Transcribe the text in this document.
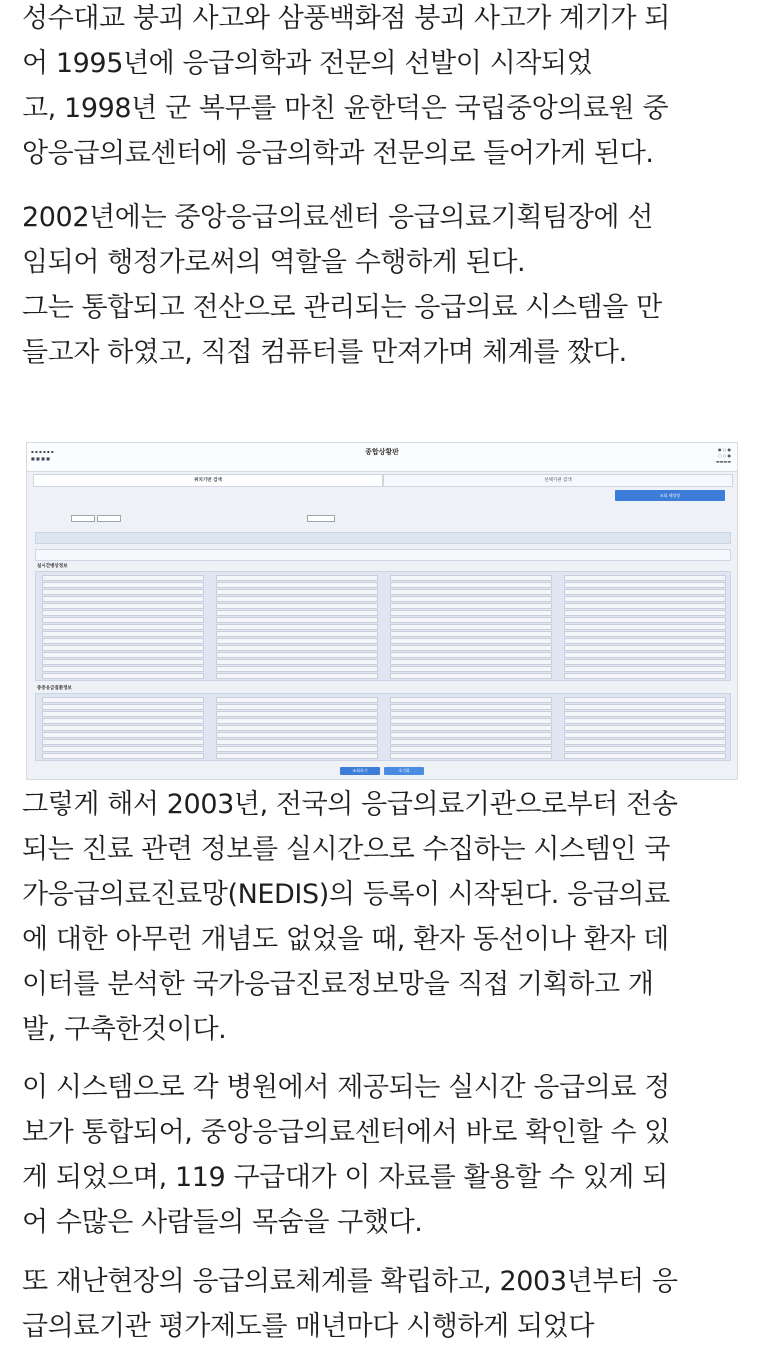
성수대교 붕괴 사고와 삼풍백화점 붕괴 사고가 계기가 되
어 1995년에 응급의학과 전문의 선발이 시작되었
고, 1998년 군 복무를 마친 윤한덕은 국립중앙의료원 중
앙응급의료센터에 응급의학과 전문의로 들어가게 된다.
2002년에는 중앙응급의료센터 응급의료기획팀장에 선
임되어 행정가로써의 역할을 수행하게 된다.
그는 통합되고 전산으로 관리되는 응급의료 시스템을 만
들고자 하였고, 직접 컴퓨터를 만져가며 체계를 짰다.
종합상황판
▪ ▪ ▪ ▪ ▪ ▪
■ ■ ■ ■
● ○ ●
○ ○ ●
▬▬▬▬
위치기반 검색	선택기관 검색
조회 해당방
실시간병상정보
중증응급질환정보
조회하기	초기화
그렇게 해서 2003년, 전국의 응급의료기관으로부터 전송
되는 진료 관련 정보를 실시간으로 수집하는 시스템인 국
가응급의료진료망(NEDIS)의 등록이 시작된다. 응급의료
에 대한 아무런 개념도 없었을 때, 환자 동선이나 환자 데
이터를 분석한 국가응급진료정보망을 직접 기획하고 개
발, 구축한것이다.
이 시스템으로 각 병원에서 제공되는 실시간 응급의료 정
보가 통합되어, 중앙응급의료센터에서 바로 확인할 수 있
게 되었으며, 119 구급대가 이 자료를 활용할 수 있게 되
어 수많은 사람들의 목숨을 구했다.
또 재난현장의 응급의료체계를 확립하고, 2003년부터 응
급의료기관 평가제도를 매년마다 시행하게 되었다
